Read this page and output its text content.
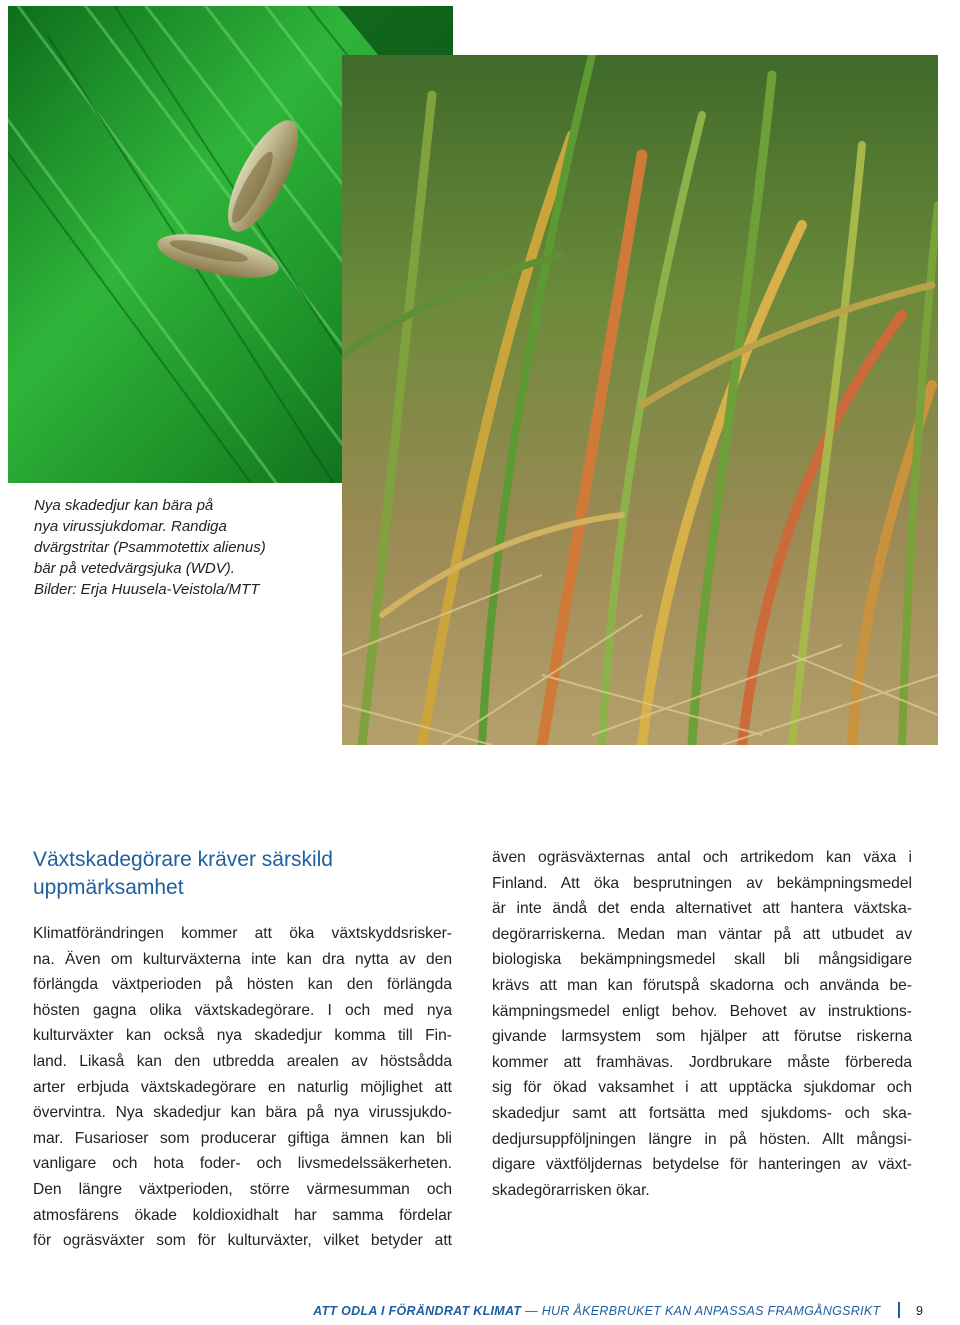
Nya skadedjur kan bära på
nya virussjukdomar. Randiga
dvärgstritar (Psammotettix alienus)
bär på vetedvärgsjuka (WDV).
Bilder: Erja Huusela-Veistola/MTT
Växtskadegörare kräver särskild
uppmärksamhet
Klimatförändringen kommer att öka växtskyddsrisker-
na. Även om kulturväxterna inte kan dra nytta av den
förlängda växtperioden på hösten kan den förlängda
hösten gagna olika växtskadegörare. I och med nya
kulturväxter kan också nya skadedjur komma till Fin-
land. Likaså kan den utbredda arealen av höstsådda
arter erbjuda växtskadegörare en naturlig möjlighet att
övervintra. Nya skadedjur kan bära på nya virussjukdo-
mar. Fusarioser som producerar giftiga ämnen kan bli
vanligare och hota foder- och livsmedelssäkerheten.
Den längre växtperioden, större värmesumman och
atmosfärens ökade koldioxidhalt har samma fördelar
för ogräsväxter som för kulturväxter, vilket betyder att
även ogräsväxternas antal och artrikedom kan växa i
Finland. Att öka besprutningen av bekämpningsmedel
är inte ändå det enda alternativet att hantera växtska-
degörarriskerna. Medan man väntar på att utbudet av
biologiska bekämpningsmedel skall bli mångsidigare
krävs att man kan förutspå skadorna och använda be-
kämpningsmedel enligt behov. Behovet av instruktions-
givande larmsystem som hjälper att förutse riskerna
kommer att framhävas. Jordbrukare måste förbereda
sig för ökad vaksamhet i att upptäcka sjukdomar och
skadedjur samt att fortsätta med sjukdoms- och ska-
dedjursuppföljningen längre in på hösten. Allt mångsi-
digare växtföljdernas betydelse för hanteringen av växt-
skadegörarrisken ökar.
ATT ODLA I FÖRÄNDRAT KLIMAT — HUR ÅKERBRUKET KAN ANPASSAS FRAMGÅNGSRIKT	9
